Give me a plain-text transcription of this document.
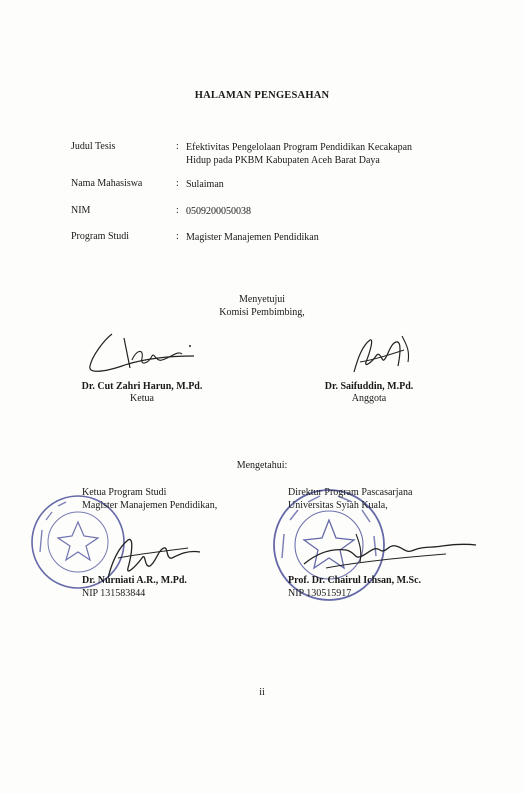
HALAMAN PENGESAHAN
Judul Tesis	: Efektivitas Pengelolaan Program Pendidikan Kecakapan
Hidup pada PKBM Kabupaten Aceh Barat Daya
Nama Mahasiswa	: Sulaiman
NIM	: 0509200050038
Program Studi	: Magister Manajemen Pendidikan
Menyetujui
Komisi Pembimbing,
Dr. Cut Zahri Harun, M.Pd.
Ketua
Dr. Saifuddin, M.Pd.
Anggota
Mengetahui:
Ketua Program Studi
Magister Manajemen Pendidikan,
Dr. Nurniati A.R., M.Pd.
NIP 131583844
Direktur Program Pascasarjana
Universitas Syiah Kuala,
Prof. Dr. Chairul Ichsan, M.Sc.
NIP 130515917
ii
